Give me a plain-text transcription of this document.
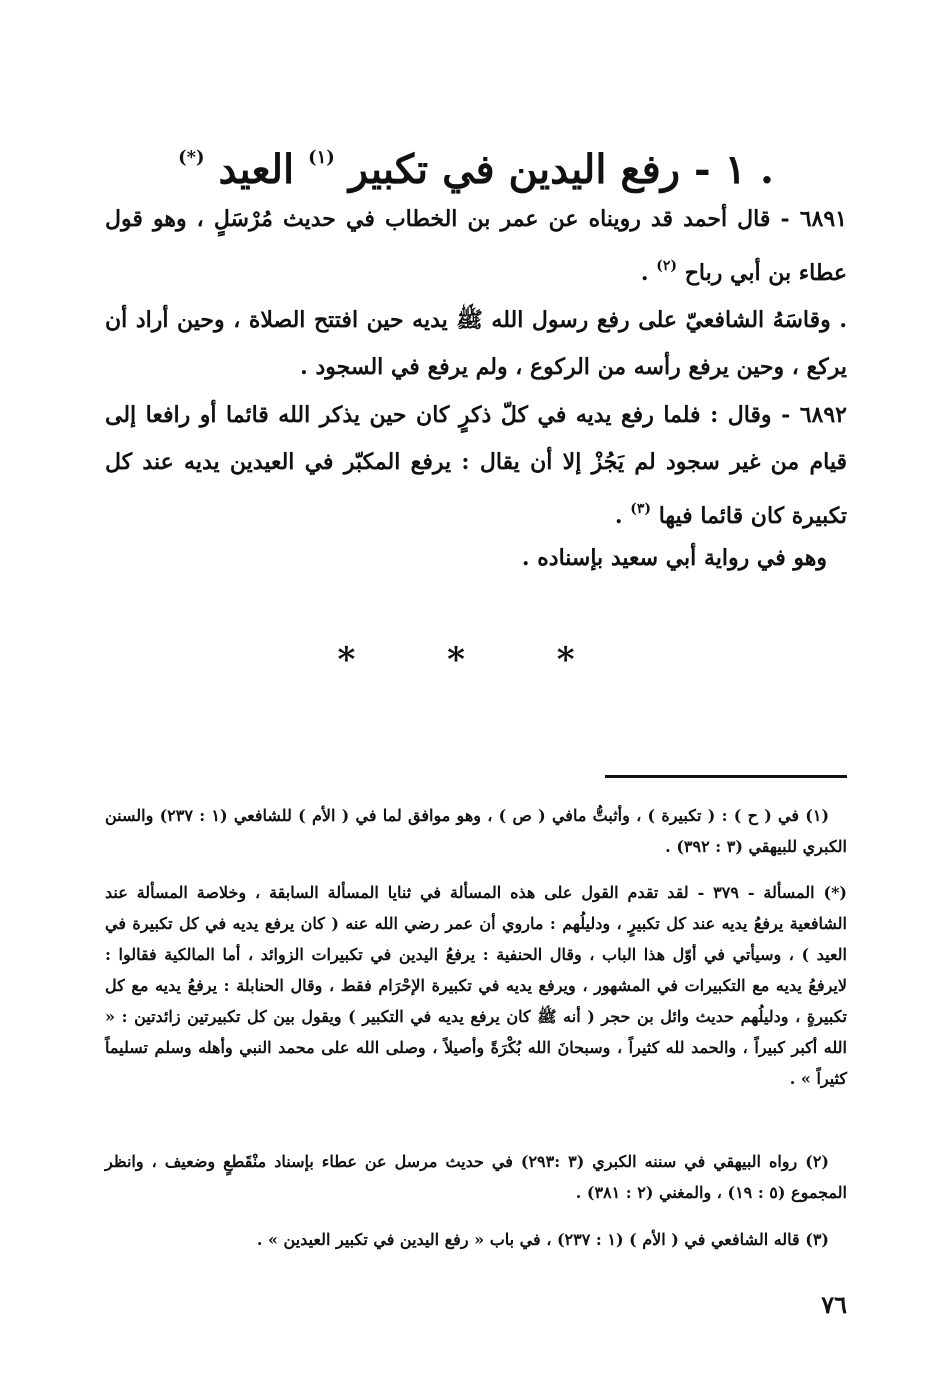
. ١ - رفع اليدين في تكبير $^{(١)}$ العيد (*)
٦٨٩١ - قال أحمد قد رويناه عن عمر بن الخطاب في حديث مُرْسَلٍ ، وهو قول عطاء بن أبي رباح $^{(٢)}$ .
. وقاسَهُ الشافعيّ على رفع رسول الله ﷺ يديه حين افتتح الصلاة ، وحين أراد أن يركع ، وحين يرفع رأسه من الركوع ، ولم يرفع في السجود .
٦٨٩٢ - وقال : فلما رفع يديه في كلّ ذكرٍ كان حين يذكر الله قائما أو رافعا إلى قيام من غير سجود لم يَجُزْ إلا أن يقال : يرفع المكبّر في العيدين يديه عند كل تكبيرة كان قائما فيها $^{(٣)}$ .
وهو في رواية أبي سعيد بإسناده .
* * *
(١) في ( ح ) : ( تكبيرة ) ، وأثبتُّ مافي ( ص ) ، وهو موافق لما في ( الأم ) للشافعي (١ : ٢٣٧) والسنن الكبري للبيهقي (٣ : ٣٩٢) .
(*) المسألة - ٣٧٩ - لقد تقدم القول على هذه المسألة في ثنايا المسألة السابقة ، وخلاصة المسألة عند الشافعية يرفعُ يديه عند كل تكبيرٍ ، ودليلُهم : ماروي أن عمر رضي الله عنه ( كان يرفع يديه في كل تكبيرة في العيد ) ، وسيأتي في أوّل هذا الباب ، وقال الحنفية : يرفعُ اليدين في تكبيرات الزوائد ، أما المالكية فقالوا : لايرفعُ يديه مع التكبيرات في المشهور ، ويرفع يديه في تكبيرة الإحْرَام فقط ، وقال الحنابلة : يرفعُ يديه مع كل تكبيرةٍ ، ودليلُهم حديث وائل بن حجر ( أنه ﷺ كان يرفع يديه في التكبير ) ويقول بين كل تكبيرتين زائدتين : « الله أكبر كبيراً ، والحمد لله كثيراً ، وسبحانَ الله بُكْرَةً وأصيلاً ، وصلى الله على محمد النبي وأهله وسلم تسليماً كثيراً » .
(٢) رواه البيهقي في سننه الكبري (٣ :٢٩٣) في حديث مرسل عن عطاء بإسناد منْقَطعٍ وضعيف ، وانظر المجموع (٥ : ١٩) ، والمغني (٢ : ٣٨١) .
(٣) قاله الشافعي في ( الأم ) (١ : ٢٣٧) ، في باب « رفع اليدين في تكبير العيدين » .
٧٦
